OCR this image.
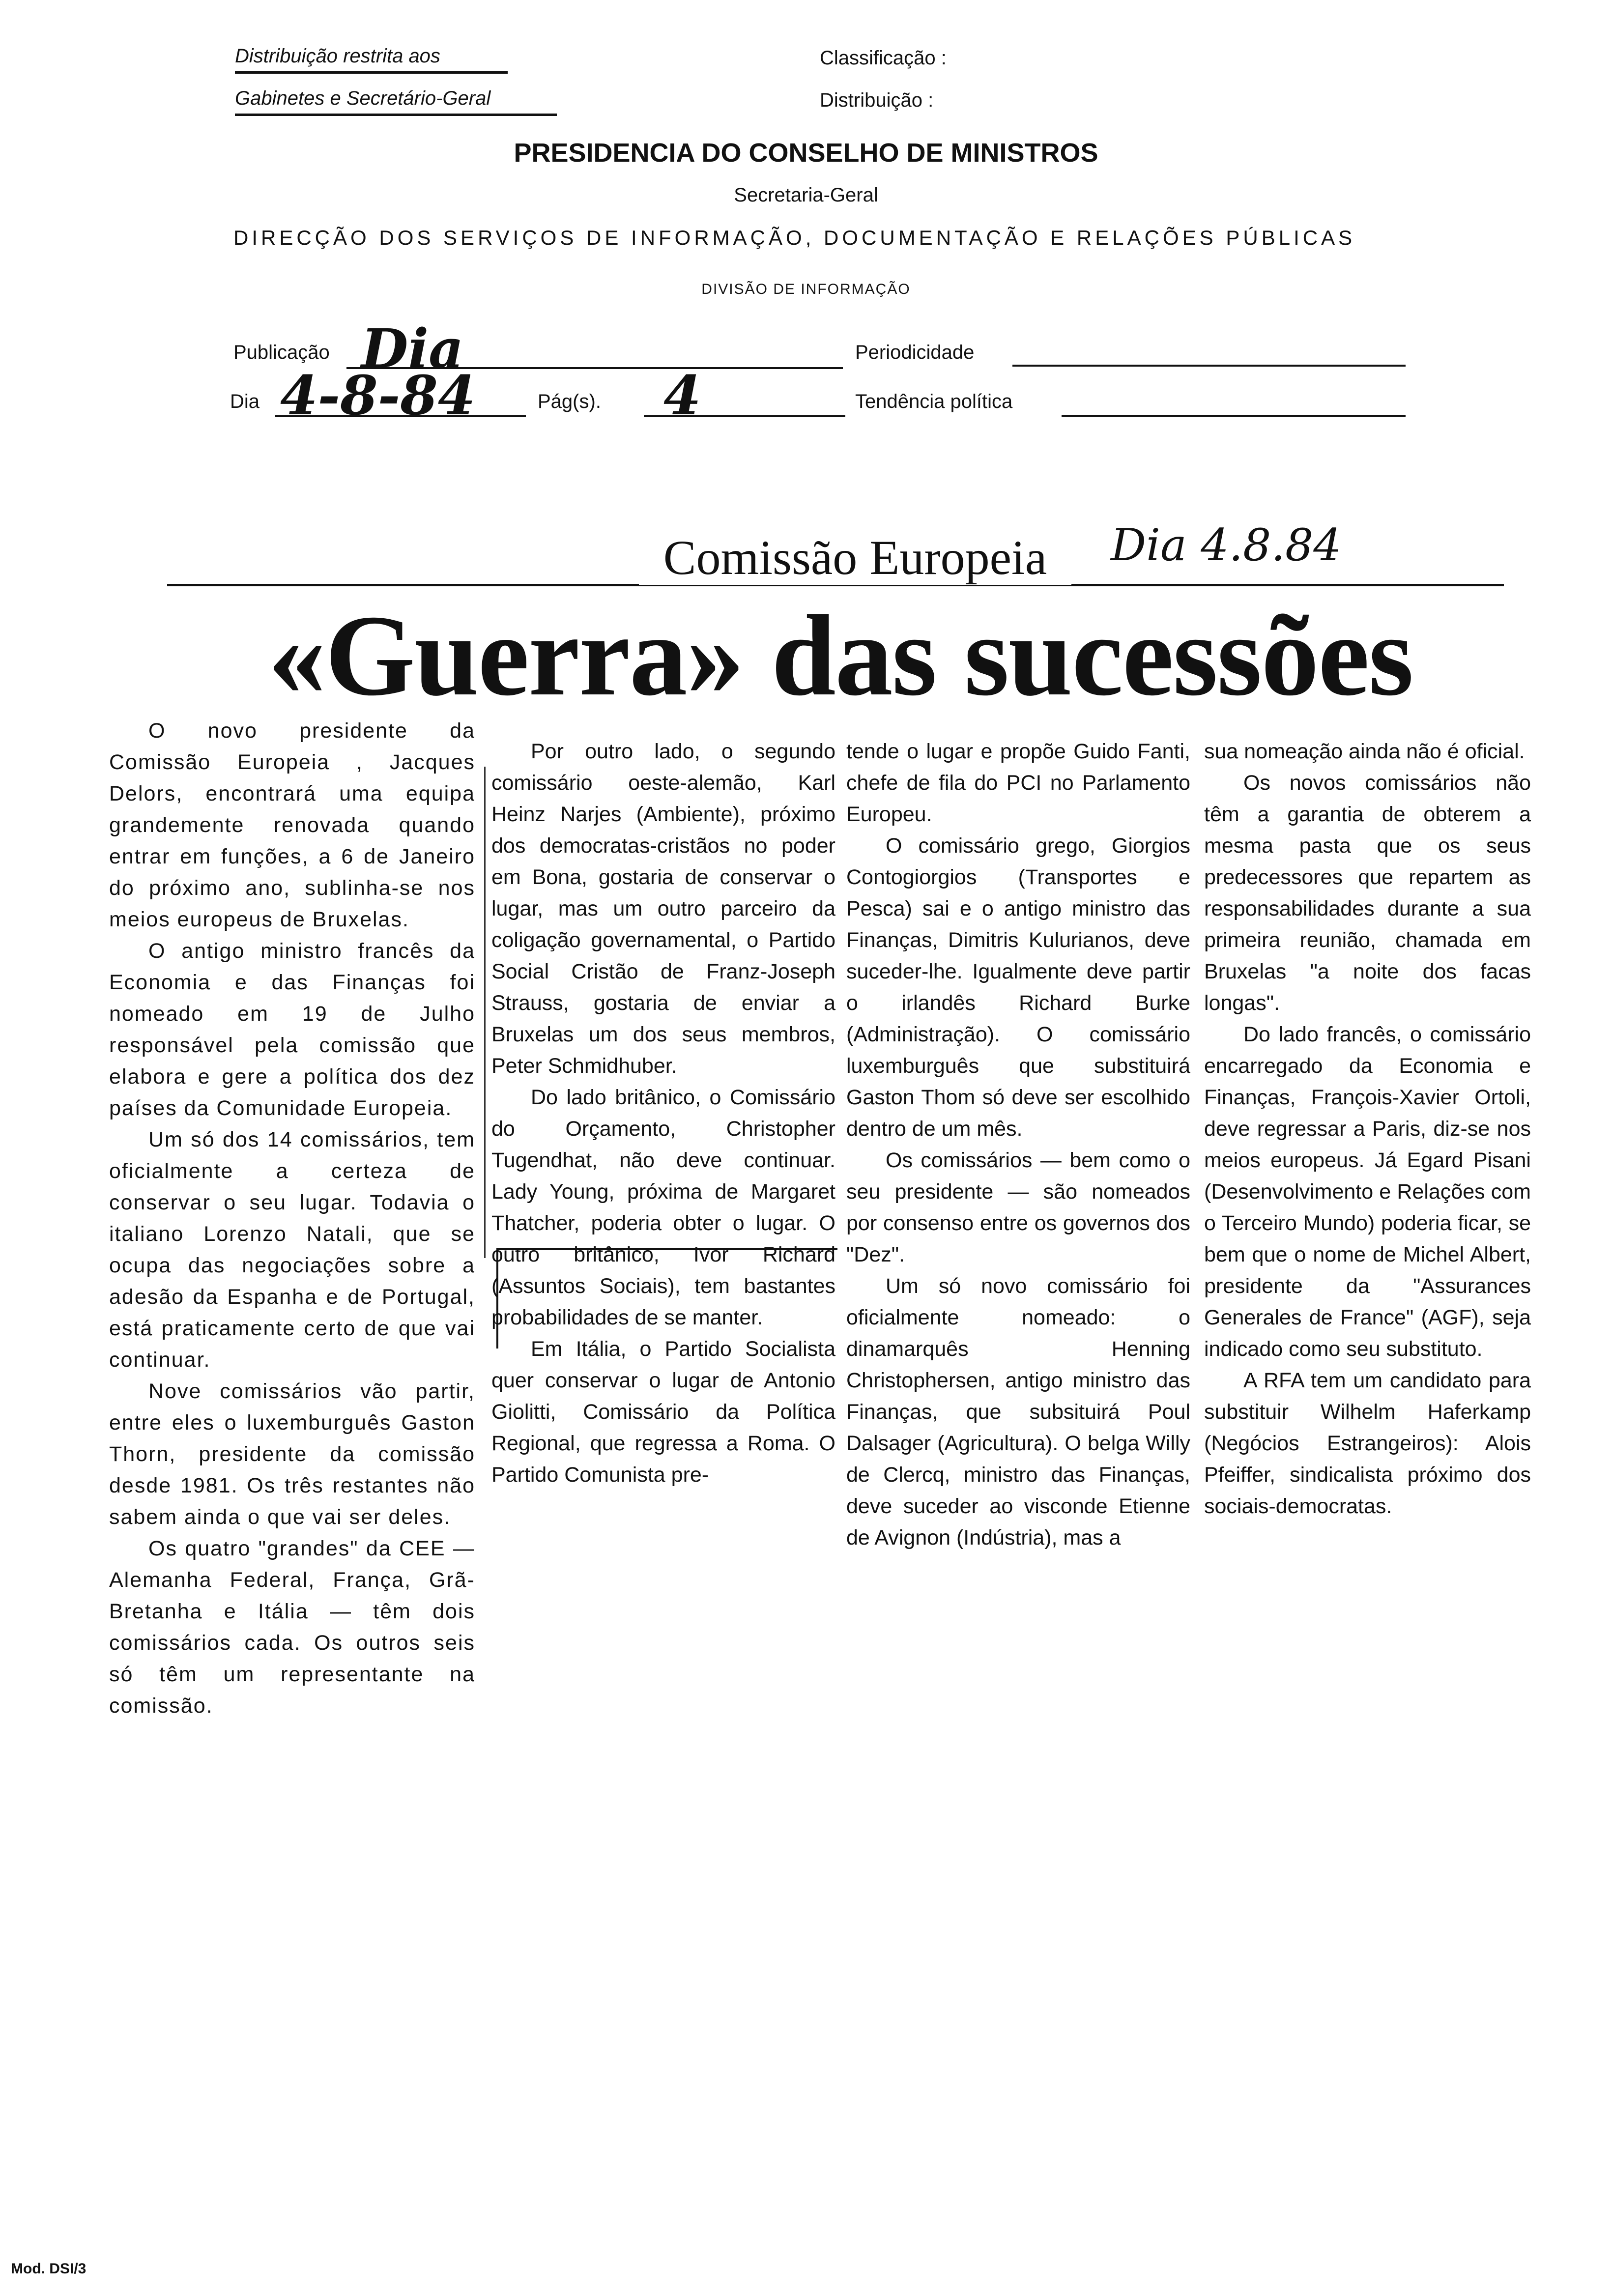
Distribuição restrita aos
Gabinetes e Secretário-Geral
Classificação :
Distribuição :
PRESIDENCIA DO CONSELHO DE MINISTROS
Secretaria-Geral
DIRECÇÃO DOS SERVIÇOS DE INFORMAÇÃO, DOCUMENTAÇÃO E RELAÇÕES PÚBLICAS
DIVISÃO DE INFORMAÇÃO
Publicação Dia	Periodicidade
Dia 4-8-84	Pág(s).	4	Tendência política
Comissão Europeia	Dia 4.8.84
«Guerra» das sucessões

O novo presidente da Comissão Europeia , Jacques Delors, encontrará uma equipa grandemente renovada quando entrar em funções, a 6 de Janeiro do próximo ano, sublinha-se nos meios europeus de Bruxelas.

O antigo ministro francês da Economia e das Finanças foi nomeado em 19 de Julho responsável pela comissão que elabora e gere a política dos dez países da Comunidade Europeia.

Um só dos 14 comissários, tem oficialmente a certeza de conservar o seu lugar. Todavia o italiano Lorenzo Natali, que se ocupa das negociações sobre a adesão da Espanha e de Portugal, está praticamente certo de que vai continuar.

Nove comissários vão partir, entre eles o luxemburguês Gaston Thorn, presidente da comissão desde 1981. Os três restantes não sabem ainda o que vai ser deles.

Os quatro "grandes" da CEE — Alemanha Federal, França, Grã-Bretanha e Itália — têm dois comissários cada. Os outros seis só têm um representante na comissão.

Por outro lado, o segundo comissário oeste-alemão, Karl Heinz Narjes (Ambiente), próximo dos democratas-cristãos no poder em Bona, gostaria de conservar o lugar, mas um outro parceiro da coligação governamental, o Partido Social Cristão de Franz-Joseph Strauss, gostaria de enviar a Bruxelas um dos seus membros, Peter Schmidhuber.

Do lado britânico, o Comissário do Orçamento, Christopher Tugendhat, não deve continuar. Lady Young, próxima de Margaret Thatcher, poderia obter o lugar. O outro britânico, Ivor Richard (Assuntos Sociais), tem bastantes probabilidades de se manter.

Em Itália, o Partido Socialista quer conservar o lugar de Antonio Giolitti, Comissário da Política Regional, que regressa a Roma. O Partido Comunista pre-

tende o lugar e propõe Guido Fanti, chefe de fila do PCI no Parlamento Europeu.

O comissário grego, Giorgios Contogiorgios (Transportes e Pesca) sai e o antigo ministro das Finanças, Dimitris Kulurianos, deve suceder-lhe. Igualmente deve partir o irlandês Richard Burke (Administração). O comissário luxemburguês que substituirá Gaston Thom só deve ser escolhido dentro de um mês.

Os comissários — bem como o seu presidente — são nomeados por consenso entre os governos dos "Dez".

Um só novo comissário foi oficialmente nomeado: o dinamarquês Henning Christophersen, antigo ministro das Finanças, que subsituirá Poul Dalsager (Agricultura). O belga Willy de Clercq, ministro das Finanças, deve suceder ao visconde Etienne de Avignon (Indústria), mas a

sua nomeação ainda não é oficial.

Os novos comissários não têm a garantia de obterem a mesma pasta que os seus predecessores que repartem as responsabilidades durante a sua primeira reunião, chamada em Bruxelas "a noite dos facas longas".

Do lado francês, o comissário encarregado da Economia e Finanças, François-Xavier Ortoli, deve regressar a Paris, diz-se nos meios europeus. Já Egard Pisani (Desenvolvimento e Relações com o Terceiro Mundo) poderia ficar, se bem que o nome de Michel Albert, presidente da "Assurances Generales de France" (AGF), seja indicado como seu substituto.

A RFA tem um candidato para substituir Wilhelm Haferkamp (Negócios Estrangeiros): Alois Pfeiffer, sindicalista próximo dos sociais-democratas.

Mod. DSI/3
